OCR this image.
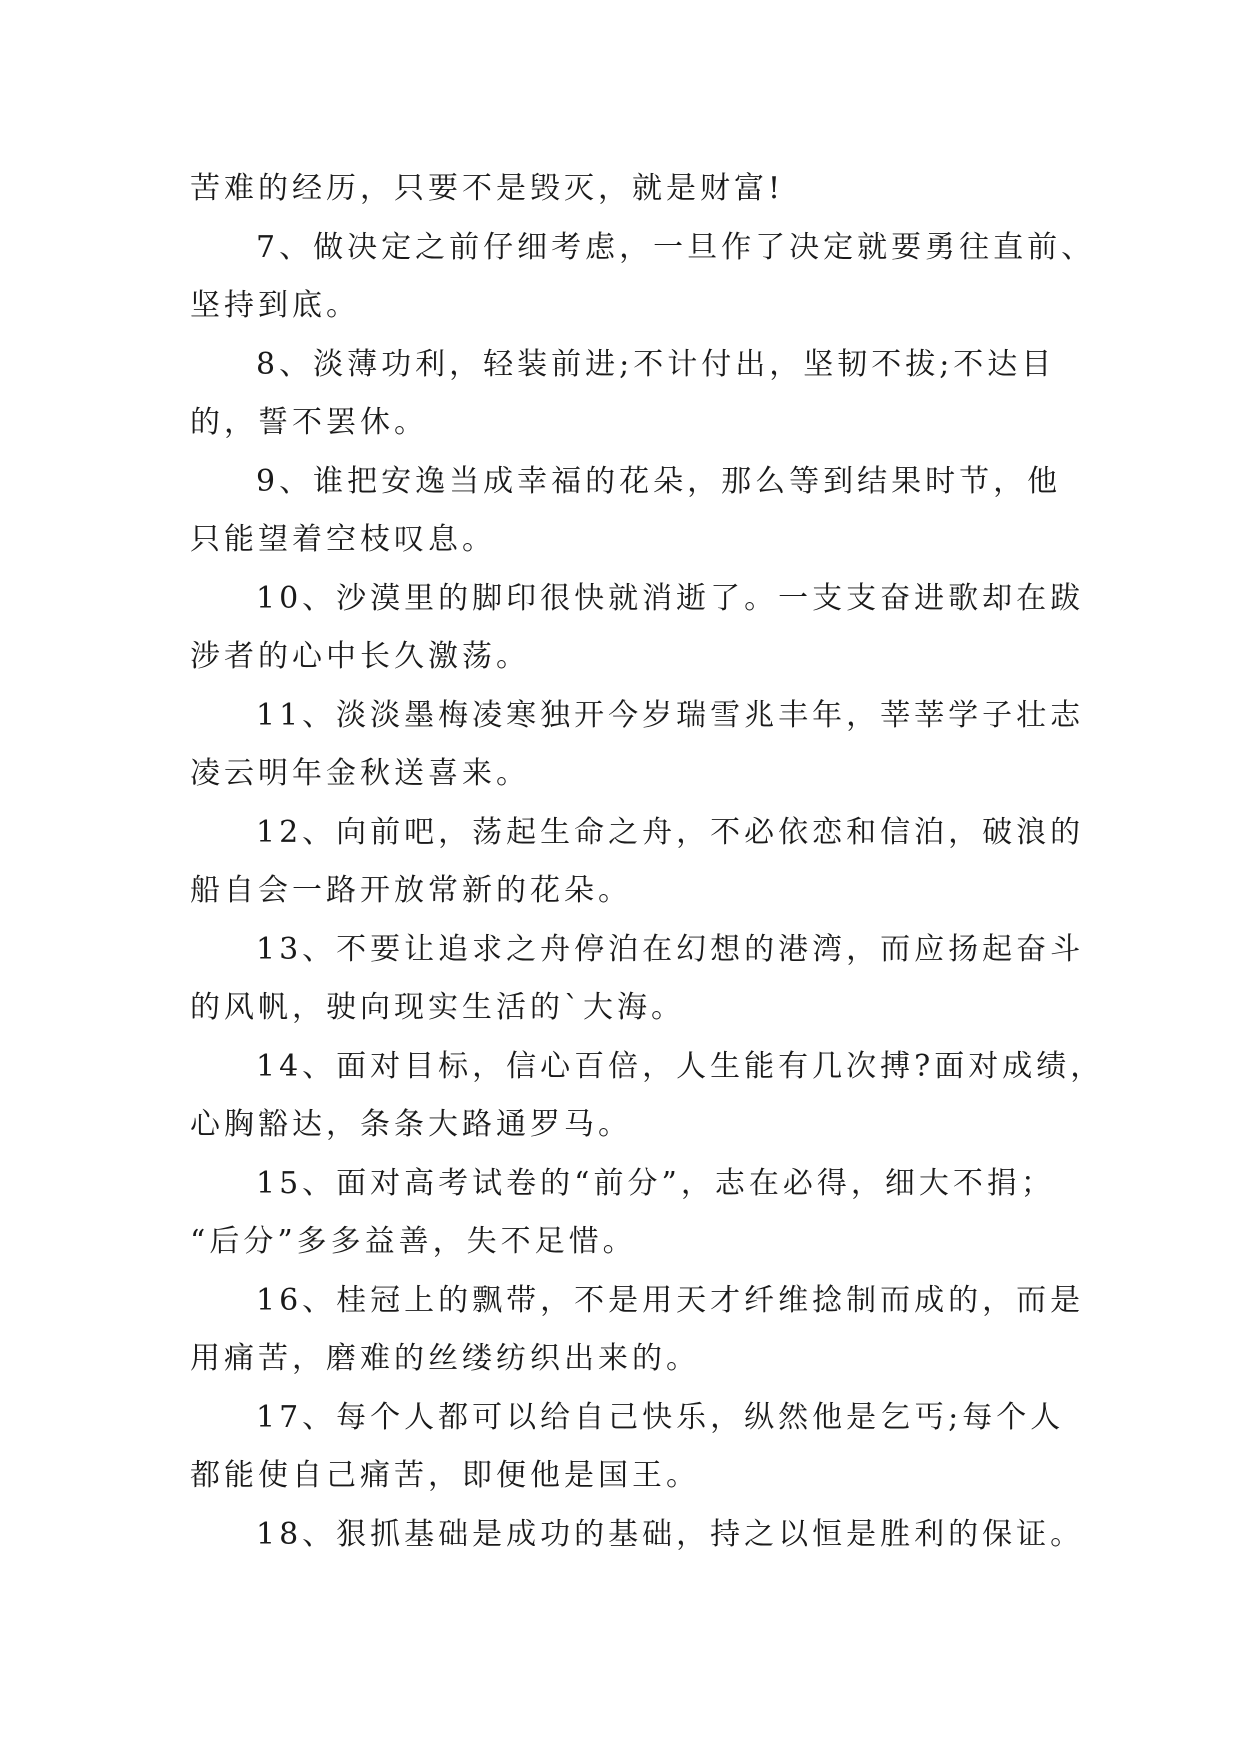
苦难的经历，只要不是毁灭，就是财富!
7、做决定之前仔细考虑，一旦作了决定就要勇往直前、
坚持到底。
8、淡薄功利，轻装前进;不计付出，坚韧不拔;不达目
的，誓不罢休。
9、谁把安逸当成幸福的花朵，那么等到结果时节，他
只能望着空枝叹息。
10、沙漠里的脚印很快就消逝了。一支支奋进歌却在跋
涉者的心中长久激荡。
11、淡淡墨梅凌寒独开今岁瑞雪兆丰年，莘莘学子壮志
凌云明年金秋送喜来。
12、向前吧，荡起生命之舟，不必依恋和信泊，破浪的
船自会一路开放常新的花朵。
13、不要让追求之舟停泊在幻想的港湾，而应扬起奋斗
的风帆，驶向现实生活的`大海。
14、面对目标，信心百倍，人生能有几次搏?面对成绩，
心胸豁达，条条大路通罗马。
15、面对高考试卷的“前分”，志在必得，细大不捐；
“后分”多多益善，失不足惜。
16、桂冠上的飘带，不是用天才纤维捻制而成的，而是
用痛苦，磨难的丝缕纺织出来的。
17、每个人都可以给自己快乐，纵然他是乞丐;每个人
都能使自己痛苦，即便他是国王。
18、狠抓基础是成功的基础，持之以恒是胜利的保证。
